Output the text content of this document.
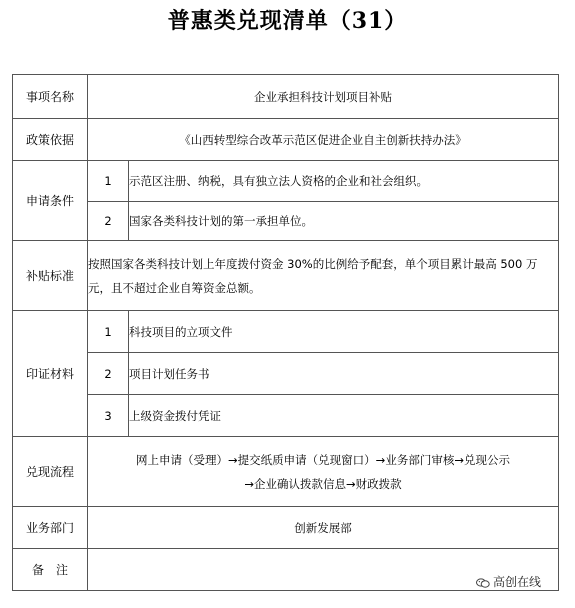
普惠类兑现清单（31）
事项名称	企业承担科技计划项目补贴	
政策依据	《山西转型综合改革示范区促进企业自主创新扶持办法》	
申请条件	1	示范区注册、纳税，具有独立法人资格的企业和社会组织。
	2	国家各类科技计划的第一承担单位。
补贴标准	按照国家各类科技计划上年度拨付资金 30%的比例给予配套，单个项目累计最高 500 万元，且不超过企业自筹资金总额。	
印证材料	1	科技项目的立项文件
	2	项目计划任务书
	3	上级资金拨付凭证
兑现流程	网上申请（受理）→提交纸质申请（兑现窗口）→业务部门审核→兑现公示
→企业确认拨款信息→财政拨款	

业务部门	创新发展部	
备　注		
高创在线
